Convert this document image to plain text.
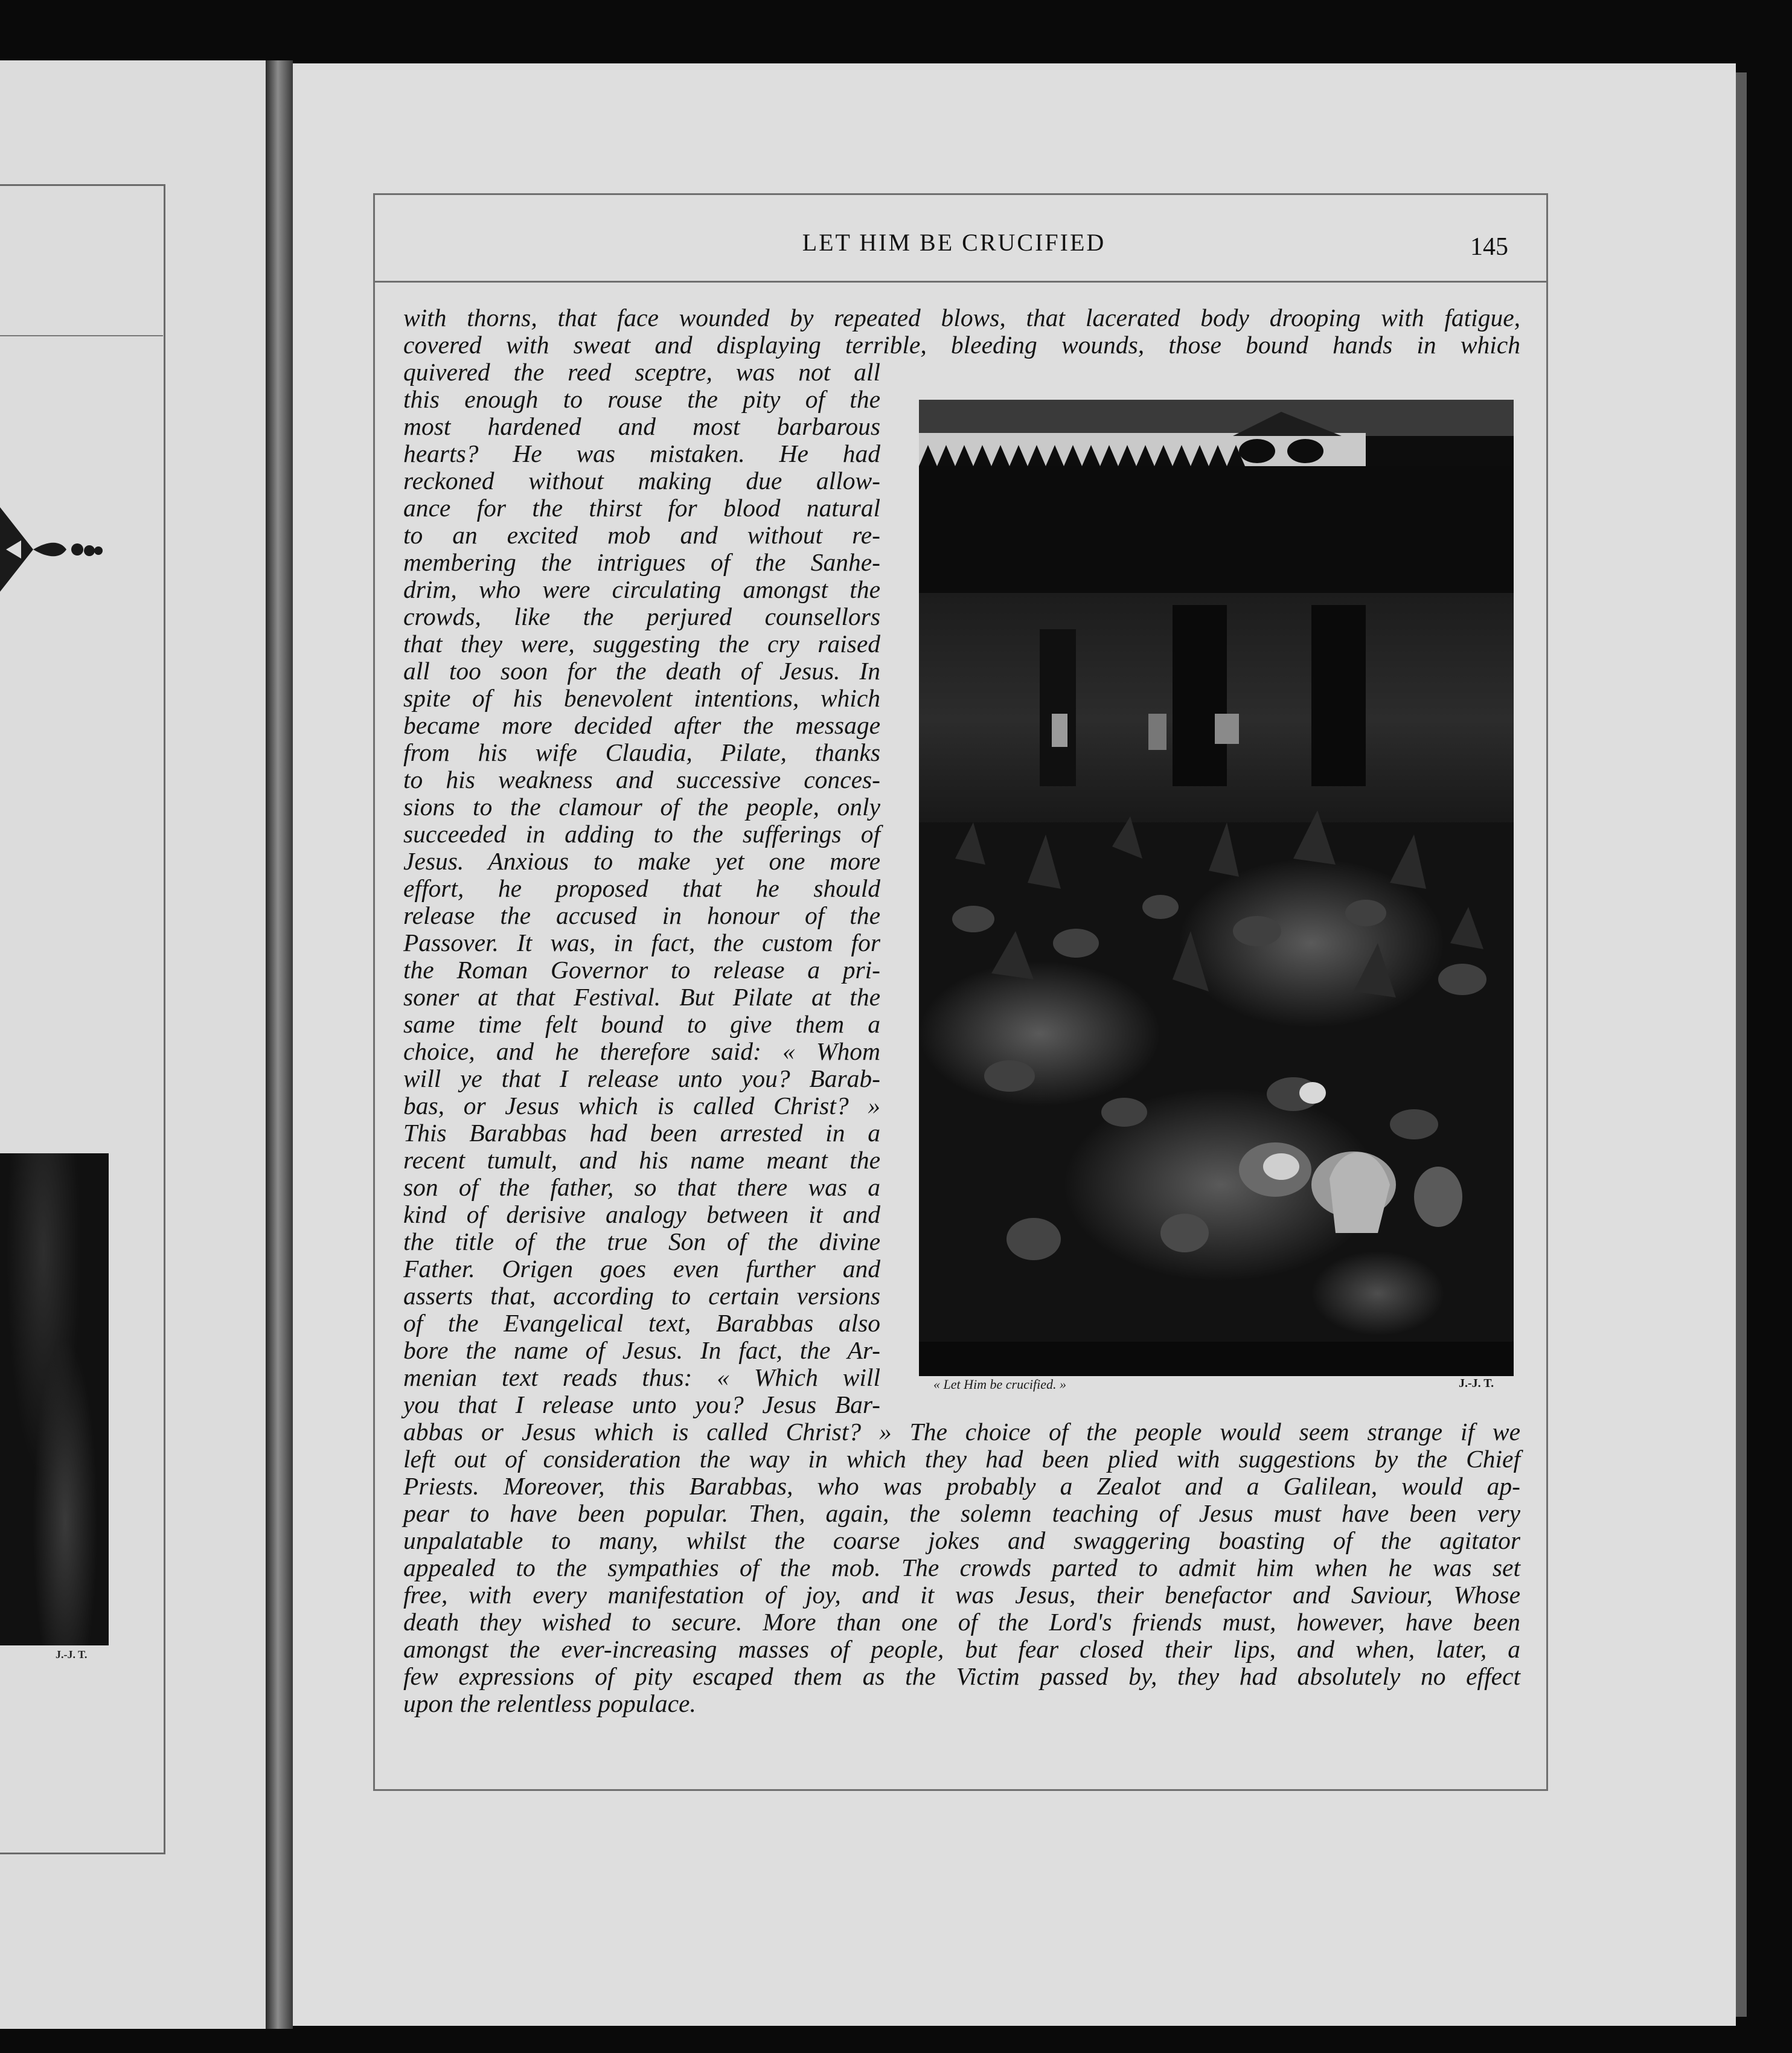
J.-J. T.
LET HIM BE CRUCIFIED	145
with thorns, that face wounded by repeated blows, that lacerated body drooping with fatigue,
covered with sweat and displaying terrible, bleeding wounds, those bound hands in which
quivered the reed sceptre, was not all
this enough to rouse the pity of the
most hardened and most barbarous
hearts? He was mistaken. He had
reckoned without making due allow-
ance for the thirst for blood natural
to an excited mob and without re-
membering the intrigues of the Sanhe-
drim, who were circulating amongst the
crowds, like the perjured counsellors
that they were, suggesting the cry raised
all too soon for the death of Jesus. In
spite of his benevolent intentions, which
became more decided after the message
from his wife Claudia, Pilate, thanks
to his weakness and successive conces-
sions to the clamour of the people, only
succeeded in adding to the sufferings of
Jesus. Anxious to make yet one more
effort, he proposed that he should
release the accused in honour of the
Passover. It was, in fact, the custom for
the Roman Governor to release a pri-
soner at that Festival. But Pilate at the
same time felt bound to give them a
choice, and he therefore said: « Whom
will ye that I release unto you? Barab-
bas, or Jesus which is called Christ? »
This Barabbas had been arrested in a
recent tumult, and his name meant the
son of the father, so that there was a
kind of derisive analogy between it and
the title of the true Son of the divine
Father. Origen goes even further and
asserts that, according to certain versions
of the Evangelical text, Barabbas also
bore the name of Jesus. In fact, the Ar-
menian text reads thus: « Which will
you that I release unto you? Jesus Bar-
abbas or Jesus which is called Christ? » The choice of the people would seem strange if we
left out of consideration the way in which they had been plied with suggestions by the Chief
Priests. Moreover, this Barabbas, who was probably a Zealot and a Galilean, would ap-
pear to have been popular. Then, again, the solemn teaching of Jesus must have been very
unpalatable to many, whilst the coarse jokes and swaggering boasting of the agitator
appealed to the sympathies of the mob. The crowds parted to admit him when he was set
free, with every manifestation of joy, and it was Jesus, their benefactor and Saviour, Whose
death they wished to secure. More than one of the Lord's friends must, however, have been
amongst the ever-increasing masses of people, but fear closed their lips, and when, later, a
few expressions of pity escaped them as the Victim passed by, they had absolutely no effect
upon the relentless populace.
« Let Him be crucified. »	J.-J. T.
